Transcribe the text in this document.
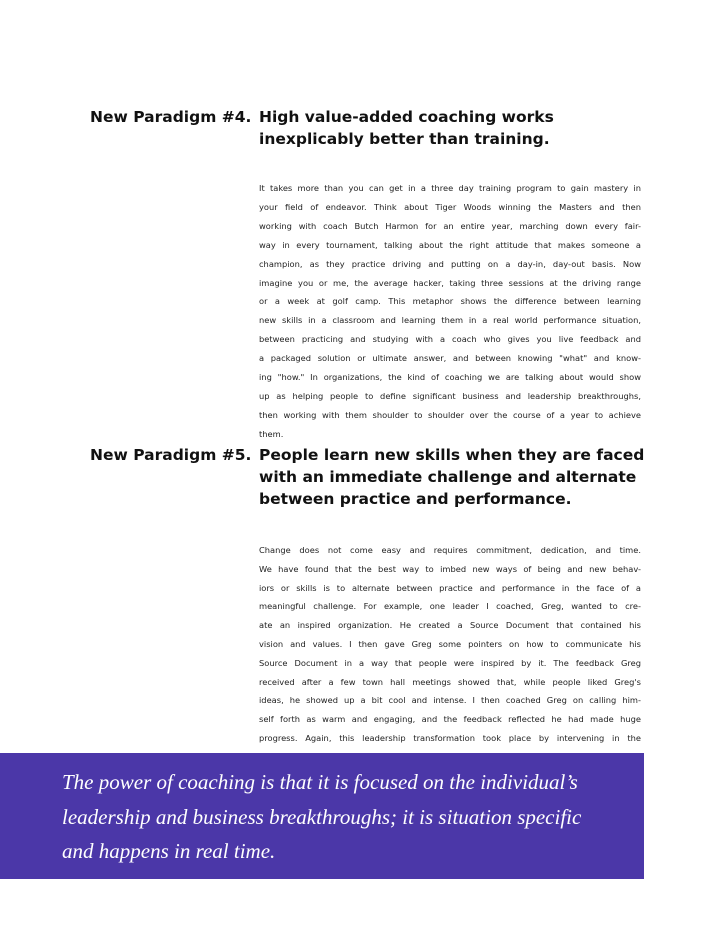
New Paradigm #4. High value-added coaching works
inexplicably better than training.
It takes more than you can get in a three day training program to gain mastery in
your field of endeavor. Think about Tiger Woods winning the Masters and then
working with coach Butch Harmon for an entire year, marching down every fair-
way in every tournament, talking about the right attitude that makes someone a
champion, as they practice driving and putting on a day-in, day-out basis. Now
imagine you or me, the average hacker, taking three sessions at the driving range
or a week at golf camp. This metaphor shows the difference between learning
new skills in a classroom and learning them in a real world performance situation,
between practicing and studying with a coach who gives you live feedback and
a packaged solution or ultimate answer, and between knowing "what" and know-
ing "how." In organizations, the kind of coaching we are talking about would show
up as helping people to define significant business and leadership breakthroughs,
then working with them shoulder to shoulder over the course of a year to achieve
them.
New Paradigm #5. People learn new skills when they are faced
with an immediate challenge and alternate
between practice and performance.
Change does not come easy and requires commitment, dedication, and time.
We have found that the best way to imbed new ways of being and new behav-
iors or skills is to alternate between practice and performance in the face of a
meaningful challenge. For example, one leader I coached, Greg, wanted to cre-
ate an inspired organization. He created a Source Document that contained his
vision and values. I then gave Greg some pointers on how to communicate his
Source Document in a way that people were inspired by it. The feedback Greg
received after a few town hall meetings showed that, while people liked Greg's
ideas, he showed up a bit cool and intense. I then coached Greg on calling him-
self forth as warm and engaging, and the feedback reflected he had made huge
progress. Again, this leadership transformation took place by intervening in the
The power of coaching is that it is focused on the individual’s
leadership and business breakthroughs; it is situation specific
and happens in real time.
